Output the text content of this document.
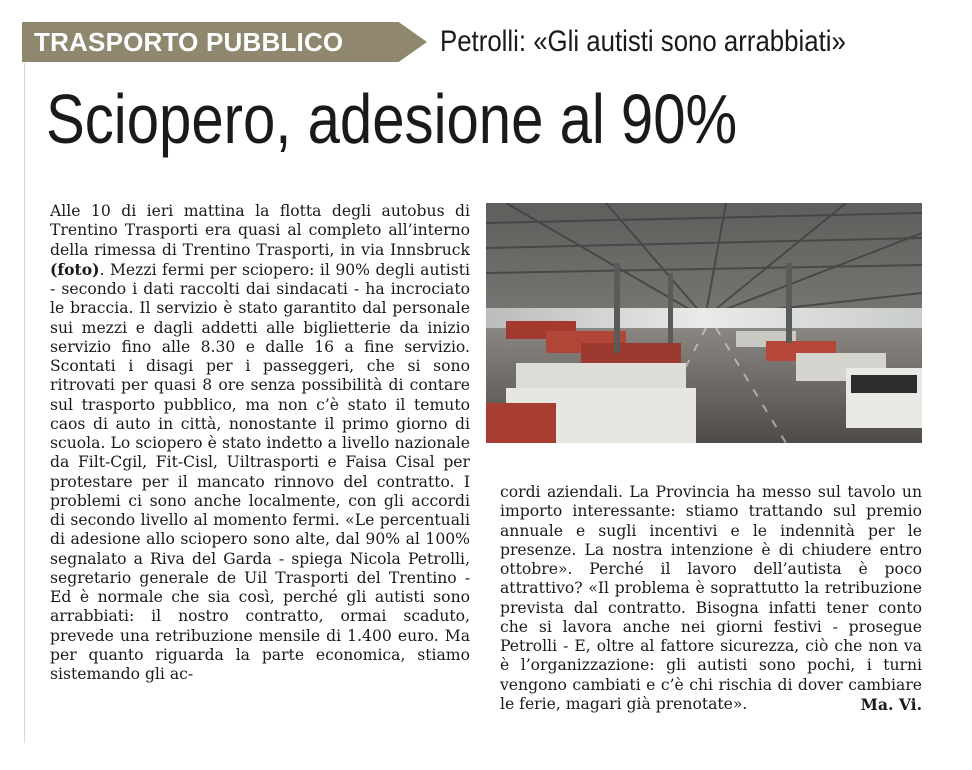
TRASPORTO PUBBLICO	Petrolli: «Gli autisti sono arrabbiati»
Sciopero, adesione al 90%

Alle 10 di ieri mattina la flotta degli autobus di Trentino Trasporti era quasi al completo all’interno della rimessa di Trentino Trasporti, in via Innsbruck (foto). Mezzi fermi per sciopero: il 90% degli autisti - secondo i dati raccolti dai sindacati - ha incrociato le braccia. Il servizio è stato garantito dal personale sui mezzi e dagli addetti alle biglietterie da inizio servizio fino alle 8.30 e dalle 16 a fine servizio. Scontati i disagi per i passeggeri, che si sono ritrovati per quasi 8 ore senza possibilità di contare sul trasporto pubblico, ma non c’è stato il temuto caos di auto in città, nonostante il primo giorno di scuola. Lo sciopero è stato indetto a livello nazionale da Filt-Cgil, Fit-Cisl, Uiltrasporti e Faisa Cisal per protestare per il mancato rinnovo del contratto. I problemi ci sono anche localmente, con gli accordi di secondo livello al momento fermi. «Le percentuali di adesione allo sciopero sono alte, dal 90% al 100% segnalato a Riva del Garda - spiega Nicola Petrolli, segretario generale de Uil Trasporti del Trentino - Ed è normale che sia così, perché gli autisti sono arrabbiati: il nostro contratto, ormai scaduto, prevede una retribuzione mensile di 1.400 euro. Ma per quanto riguarda la parte economica, stiamo sistemando gli ac-

cordi aziendali. La Provincia ha messo sul tavolo un importo interessante: stiamo trattando sul premio annuale e sugli incentivi e le indennità per le presenze. La nostra intenzione è di chiudere entro ottobre». Perché il lavoro dell’autista è poco attrattivo? «Il problema è soprattutto la retribuzione prevista dal contratto. Bisogna infatti tener conto che si lavora anche nei giorni festivi - prosegue Petrolli - E, oltre al fattore sicurezza, ciò che non va è l’organizzazione: gli autisti sono pochi, i turni vengono cambiati e c’è chi rischia di dover cambiare le ferie, magari già prenotate».	Ma. Vi.
